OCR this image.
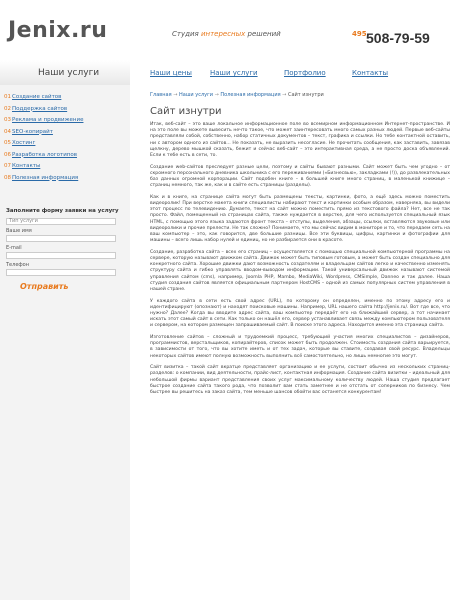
Jenix.ru	Студия интересных решений	495 508-79-59
Наши услуги
01 Создание сайтов
02 Поддержка сайтов
03 Реклама и продвижение
04 SEO-копирайт
05 Хостинг
06 Разработка логотипов
07 Контакты
08 Полезная информация
Заполните форму заявки на услугу
Тип услуги
Ваше имя
E-mail
Телефон
Отправить
Наши цены	Наши услуги	Портфолио	Контакты
Главная → Наши услуги → Полезная информация → Сайт изнутри
Сайт изнутри

Итак, веб-сайт – это ваше локальное информационное поле во всемирном информационном Интернет-пространстве. И на это поле вы можете вывесить нечто такое, что может заинтересовать много самых разных людей. Первые веб-сайты представляли собой, собственно, набор статичных документов – текст, графика и ссылки. Но тебе контактной оставить, ни с автором одного из сайтов... Не показать, не выразить несогласие. Не прочитать сообщения, как заставить, завязав щелкну, дерево мышкой сказать, бежит и сейчас веб-сайт – это интерактивная среда, а не просто доска объявлений. Если к тебе есть в сети, то.

Создание web-сайтов преследует разные цели, поэтому и сайты бывают разными. Сайт может быть чем угодно – от скромного персонального дневника школьника с его переживаниями («Бизнесвью», закладками (!)), до развлекательных баз данных огромной корпорации. Сайт подобен книге – в большей книге много страниц, в маленькой книжице – страниц немного, так же, как и в сайте есть страницы (разделы).

Как и в книге, на странице сайта могут быть размещены тексты, картинки, фото, а ещё здесь можно поместить видеоролик! При верстке макета книги специалисты набирают текст и картинки особым образом, наверняка, вы видели этот процесс по телевидению. Думаете, текст на сайт можно поместить прямо из текстового файла? Нет, все не так просто. Файл, помещенный на страницах сайта, также нуждается в верстке, для чего используется специальный язык HTML, с помощью этого языка задаются фронт текста – отступы, выделения, абзацы, ссылки, вставляются звуковые или видеоролики и прочие прелести. Не так сложно? Понимаете, что мы сейчас видим в мониторе и то, что передаем сеть на ваш компьютер – это, как говорится, две большие разницы. Все эти буквицы, цифры, картинки и фотографии для машины – всего лишь набор нулей и единиц, но не разбирается они в красоте.

Создание, разработка сайта – всех его страниц – осуществляется с помощью специальной компьютерной программы на сервере, которую называют движком сайта. Движок может быть типовым готовым, а может быть создан специально для конкретного сайта. Хорошие движки дают возможность создателям и владельцам сайтов легко и качественно изменять структуру сайта и гибко управлять вводом-выводом информации. Такой универсальный движок называют системой управления сайтом (cms), например, Joomla PHP, Mambo, MediaWiki, Wordpress, CMSimple, Danneo и так далее. Наша студия создания сайтов является официальным партнером HostCMS – одной из самых популярных систем управления в нашей стране.

У каждого сайта в сети есть свой адрес (URL), по которому он определен, именно по этому адресу его и идентифицируют (опознают) и находят поисковые машины. Например, URL нашего сайта http://jenix.ru/. Вот где все, что нужно? Далее? Когда вы вводите адрес сайта, ваш компьютер передаёт его на ближайший сервер, а тот начинает искать этот самый сайт в сети. Как только он нашёл его, сервер устанавливает связь между компьютером пользователя и сервером, на котором размещен запрашиваемый сайт. В поиске этого адреса. Находится именно эта страница сайта.

Изготовление сайтов – сложный и трудоемкий процесс, требующий участия многих специалистов – дизайнеров, программистов, верстальщиков, копирайтеров, список может быть продолжен. Стоимость создания сайта варьируется, в зависимости от того, что вы хотите иметь и от тех задач, которые вы ставите, создавая свой ресурс. Владельцы некоторых сайтов имеют полную возможность выполнить всё самостоятельно, но лишь немногие это могут.

Сайт визитка – такой сайт вкратце представляет организацию и ее услуги, состоит обычно из нескольких страниц-разделов: о компании, вид деятельности, прайс-лист, контактная информация. Создание сайта визитки – идеальный для небольшой фирмы вариант представления своих услуг максимальному количеству людей. Наша студия предлагает быстрое создание сайта такого рода, что позволит вам стать заметнее и не отстать от соперников по бизнесу. Чем быстрее вы решитесь на заказ сайта, тем меньше шансов обойти вас останется конкурентам!
